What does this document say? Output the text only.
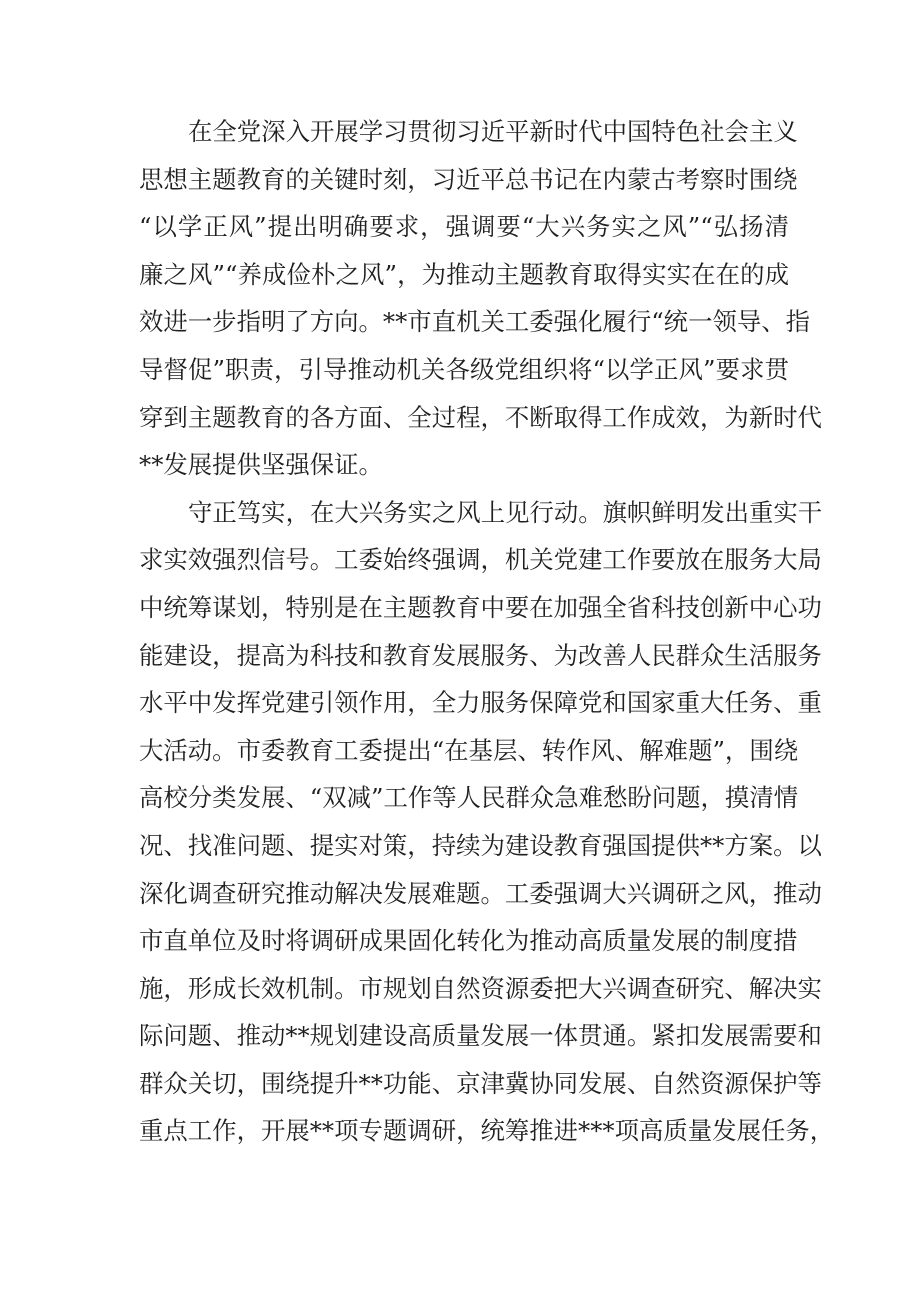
在全党深入开展学习贯彻习近平新时代中国特色社会主义
思想主题教育的关键时刻，习近平总书记在内蒙古考察时围绕
“以学正风”提出明确要求，强调要“大兴务实之风”“弘扬清
廉之风”“养成俭朴之风”，为推动主题教育取得实实在在的成
效进一步指明了方向。**市直机关工委强化履行“统一领导、指
导督促”职责，引导推动机关各级党组织将“以学正风”要求贯
穿到主题教育的各方面、全过程，不断取得工作成效，为新时代
**发展提供坚强保证。
守正笃实，在大兴务实之风上见行动。旗帜鲜明发出重实干
求实效强烈信号。工委始终强调，机关党建工作要放在服务大局
中统筹谋划，特别是在主题教育中要在加强全省科技创新中心功
能建设，提高为科技和教育发展服务、为改善人民群众生活服务
水平中发挥党建引领作用，全力服务保障党和国家重大任务、重
大活动。市委教育工委提出“在基层、转作风、解难题”，围绕
高校分类发展、“双减”工作等人民群众急难愁盼问题，摸清情
况、找准问题、提实对策，持续为建设教育强国提供**方案。以
深化调查研究推动解决发展难题。工委强调大兴调研之风，推动
市直单位及时将调研成果固化转化为推动高质量发展的制度措
施，形成长效机制。市规划自然资源委把大兴调查研究、解决实
际问题、推动**规划建设高质量发展一体贯通。紧扣发展需要和
群众关切，围绕提升**功能、京津冀协同发展、自然资源保护等
重点工作，开展**项专题调研，统筹推进***项高质量发展任务，
